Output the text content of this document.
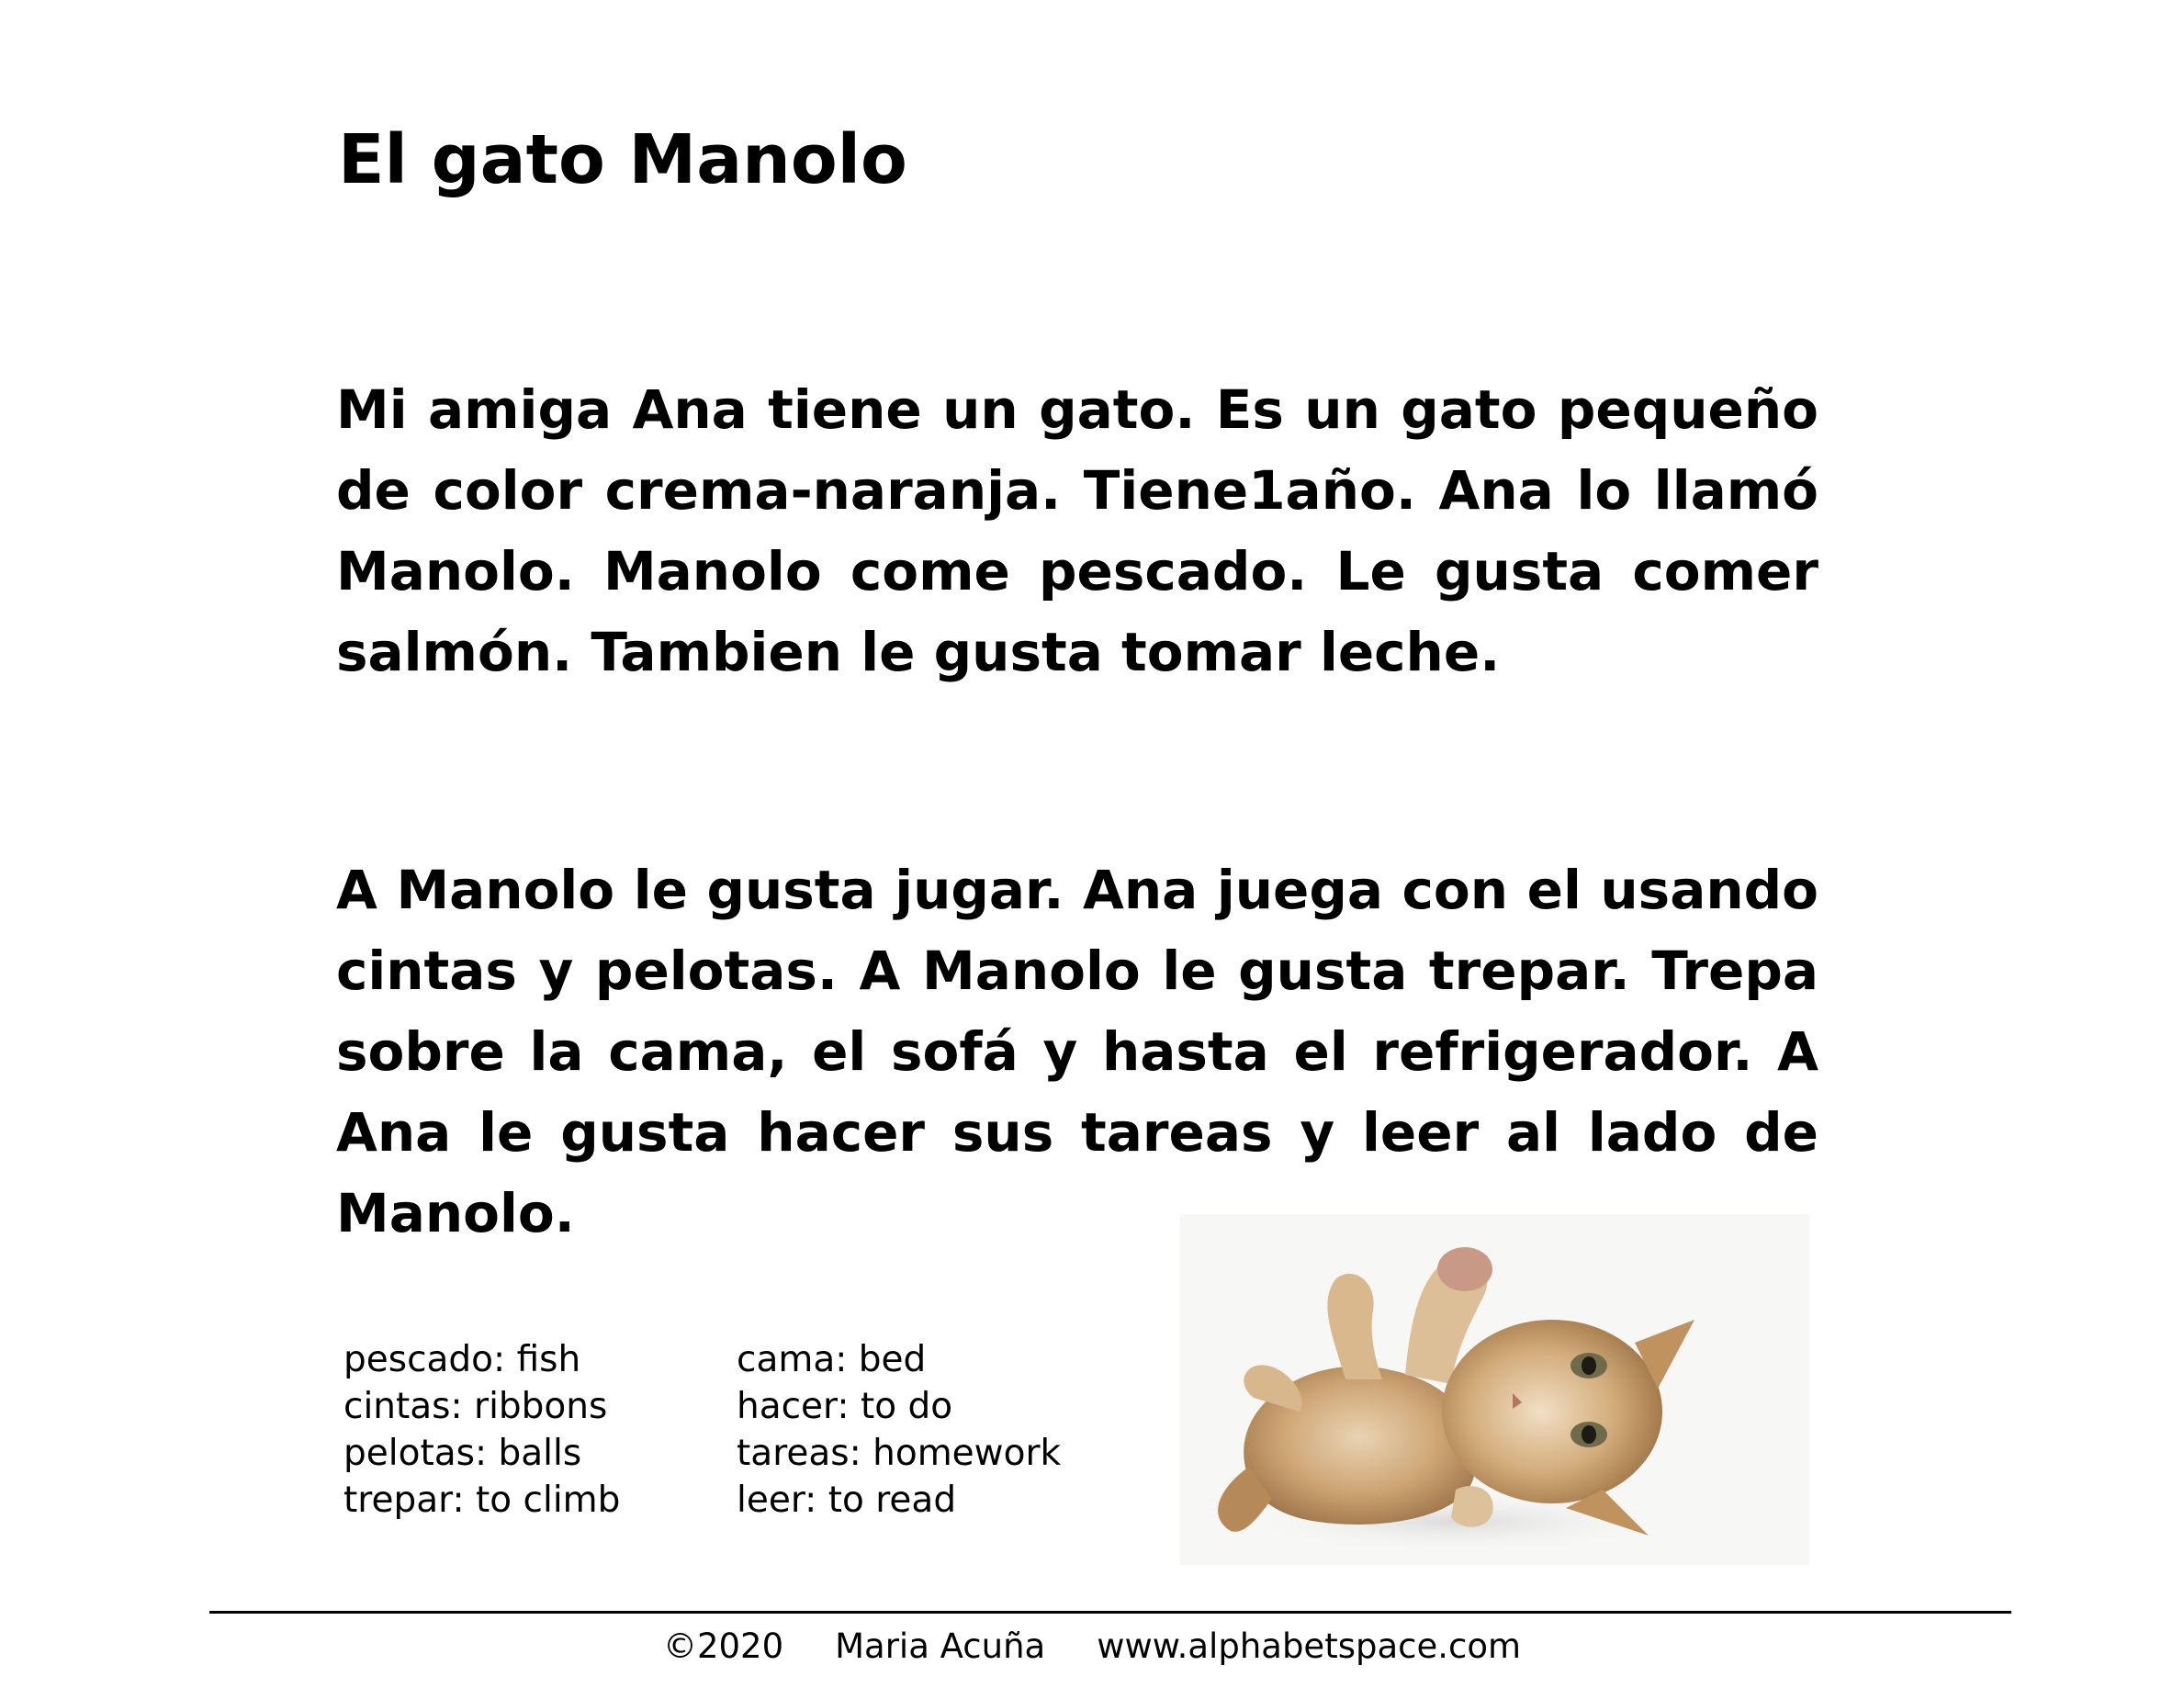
El gato Manolo

Mi amiga Ana tiene un gato. Es un gato pequeño de color crema-naranja. Tiene1año. Ana lo llamó Manolo. Manolo come pescado. Le gusta comer salmón. Tambien le gusta tomar leche.

A Manolo le gusta jugar. Ana juega con el usando cintas y pelotas. A Manolo le gusta trepar. Trepa sobre la cama, el sofá y hasta el refrigerador. A Ana le gusta hacer sus tareas y leer al lado de Manolo.

pescado: fish
cintas: ribbons
pelotas: balls
trepar: to climb
cama: bed
hacer: to do
tareas: homework
leer: to read
©2020 Maria Acuña www.alphabetspace.com
